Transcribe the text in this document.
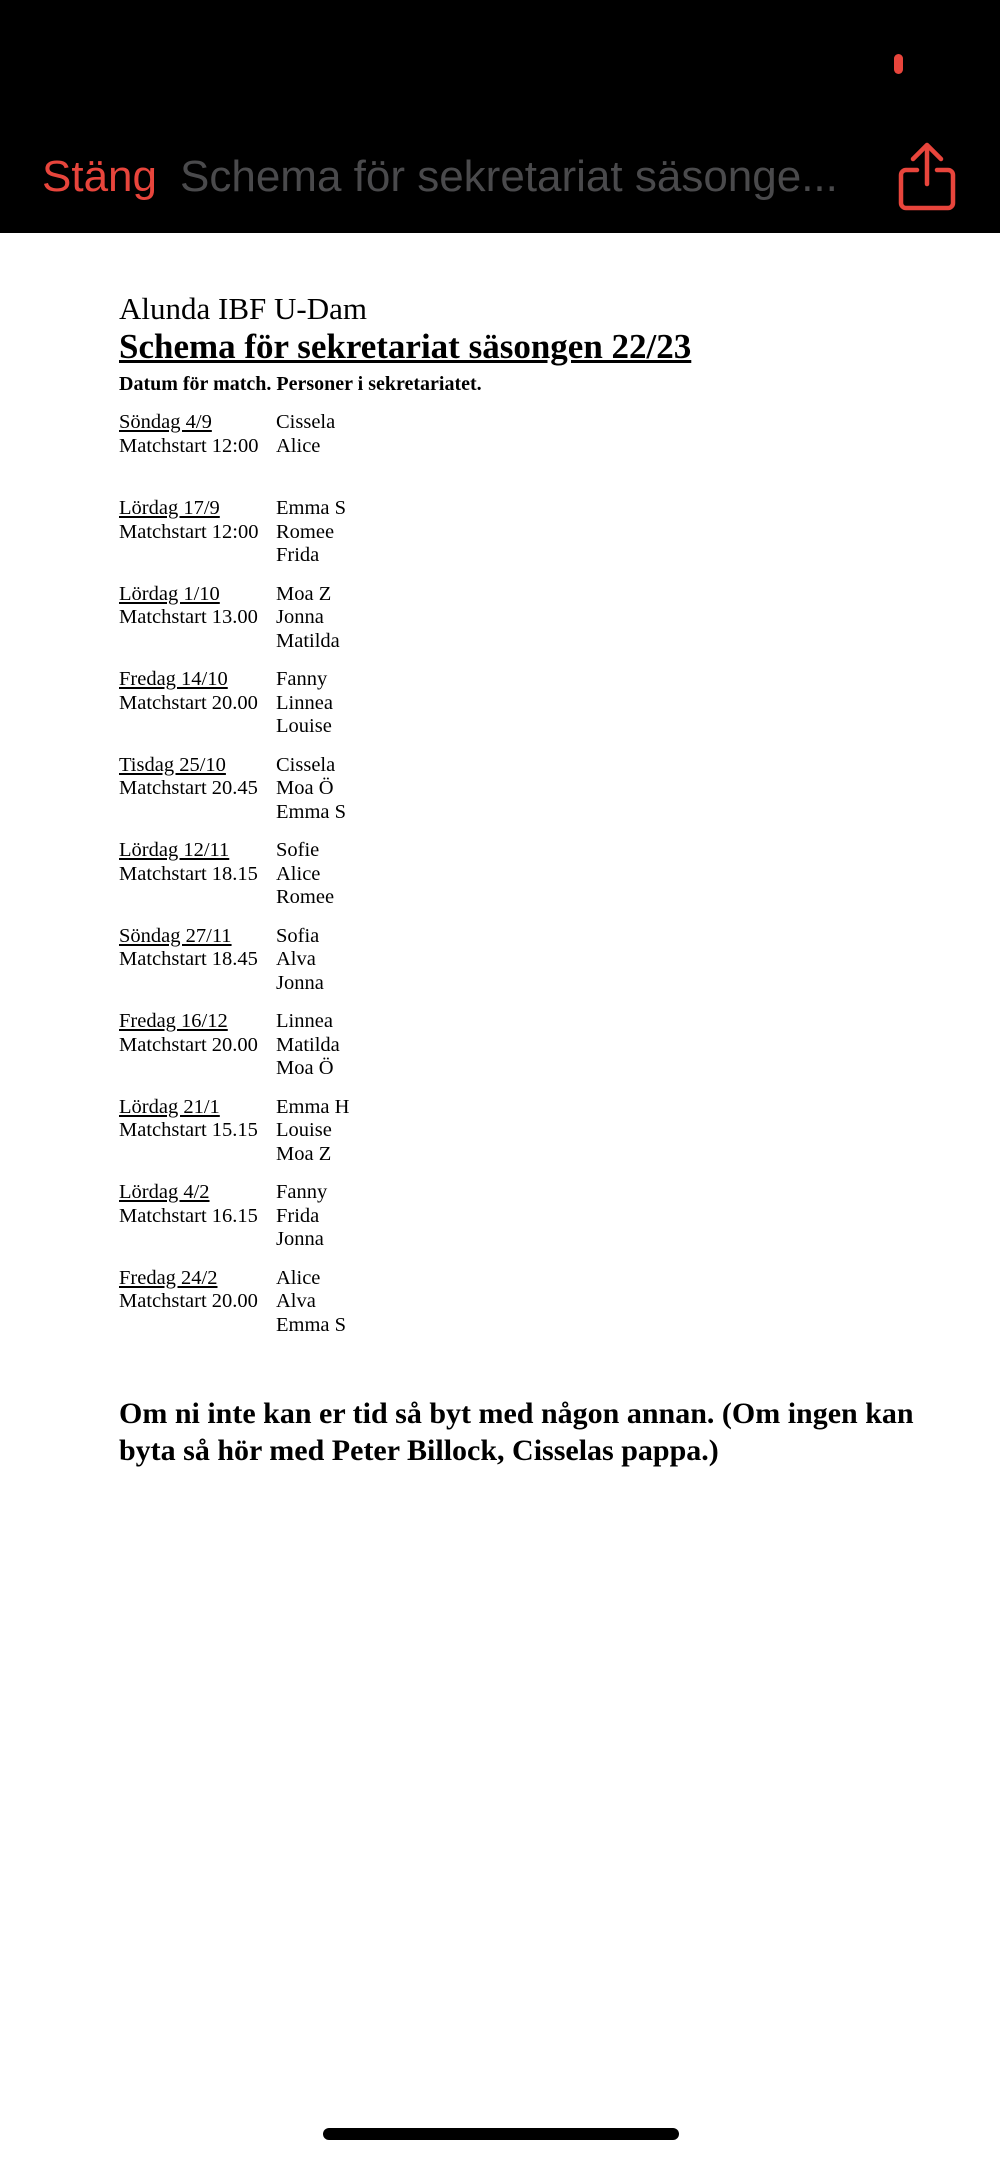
Stäng Schema för sekretariat säsonge...
Alunda IBF U-Dam
Schema för sekretariat säsongen 22/23
Datum för match. Personer i sekretariatet.
Söndag 4/9
Matchstart 12:00
Cissela
Alice
Lördag 17/9
Matchstart 12:00
Emma S
Romee
Frida
Lördag 1/10
Matchstart 13.00
Moa Z
Jonna
Matilda
Fredag 14/10
Matchstart 20.00
Fanny
Linnea
Louise
Tisdag 25/10
Matchstart 20.45
Cissela
Moa Ö
Emma S
Lördag 12/11
Matchstart 18.15
Sofie
Alice
Romee
Söndag 27/11
Matchstart 18.45
Sofia
Alva
Jonna
Fredag 16/12
Matchstart 20.00
Linnea
Matilda
Moa Ö
Lördag 21/1
Matchstart 15.15
Emma H
Louise
Moa Z
Lördag 4/2
Matchstart 16.15
Fanny
Frida
Jonna
Fredag 24/2
Matchstart 20.00
Alice
Alva
Emma S
Om ni inte kan er tid så byt med någon annan. (Om ingen kan byta så hör med Peter Billock, Cisselas pappa.)
